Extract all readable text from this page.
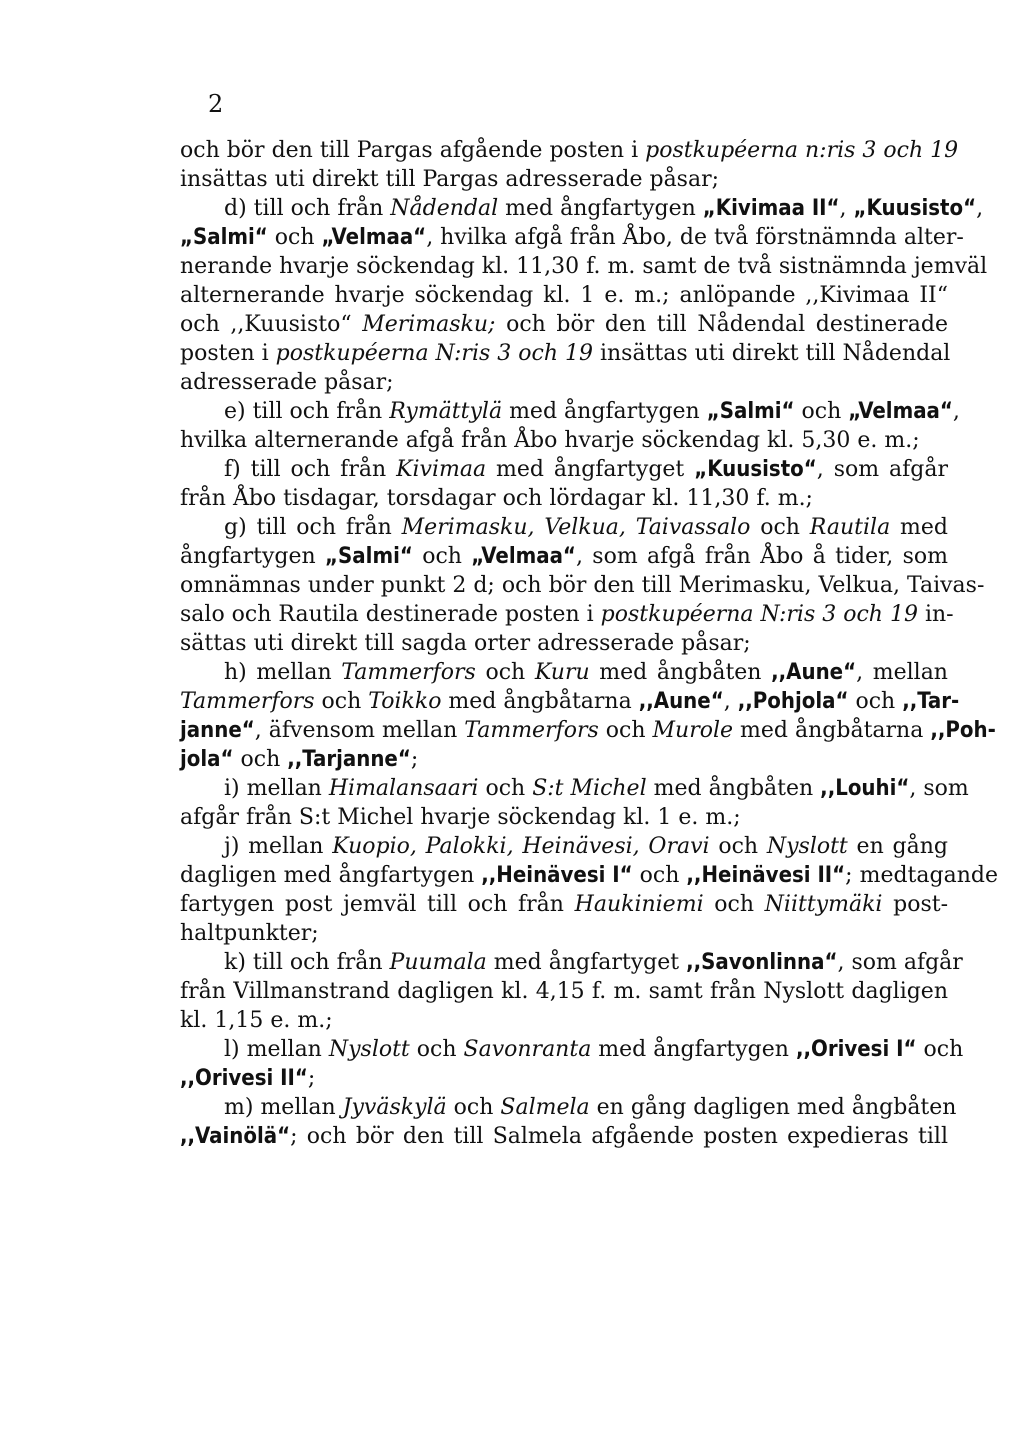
2
och bör den till Pargas afgående posten i postkupéerna n:ris 3 och 19
insättas uti direkt till Pargas adresserade påsar;
d) till och från Nådendal med ångfartygen „Kivimaa II“, „Kuusisto“,
„Salmi“ och „Velmaa“, hvilka afgå från Åbo, de två förstnämnda alter-
nerande hvarje söckendag kl. 11,30 f. m. samt de två sistnämnda jemväl
alternerande hvarje söckendag kl. 1 e. m.; anlöpande ,,Kivimaa II“
och ,,Kuusisto“ Merimasku; och bör den till Nådendal destinerade
posten i postkupéerna N:ris 3 och 19 insättas uti direkt till Nådendal
adresserade påsar;
e) till och från Rymättylä med ångfartygen „Salmi“ och „Velmaa“,
hvilka alternerande afgå från Åbo hvarje söckendag kl. 5,30 e. m.;
f) till och från Kivimaa med ångfartyget „Kuusisto“, som afgår
från Åbo tisdagar, torsdagar och lördagar kl. 11,30 f. m.;
g) till och från Merimasku, Velkua, Taivassalo och Rautila med
ångfartygen „Salmi“ och „Velmaa“, som afgå från Åbo å tider, som
omnämnas under punkt 2 d; och bör den till Merimasku, Velkua, Taivas-
salo och Rautila destinerade posten i postkupéerna N:ris 3 och 19 in-
sättas uti direkt till sagda orter adresserade påsar;
h) mellan Tammerfors och Kuru med ångbåten ,,Aune“, mellan
Tammerfors och Toikko med ångbåtarna ,,Aune“, ,,Pohjola“ och ,,Tar-
janne“, äfvensom mellan Tammerfors och Murole med ångbåtarna ,,Poh-
jola“ och ,,Tarjanne“;
i) mellan Himalansaari och S:t Michel med ångbåten ,,Louhi“, som
afgår från S:t Michel hvarje söckendag kl. 1 e. m.;
j) mellan Kuopio, Palokki, Heinävesi, Oravi och Nyslott en gång
dagligen med ångfartygen ,,Heinävesi I“ och ,,Heinävesi II“; medtagande
fartygen post jemväl till och från Haukiniemi och Niittymäki post-
haltpunkter;
k) till och från Puumala med ångfartyget ,,Savonlinna“, som afgår
från Villmanstrand dagligen kl. 4,15 f. m. samt från Nyslott dagligen
kl. 1,15 e. m.;
l) mellan Nyslott och Savonranta med ångfartygen ,,Orivesi I“ och
,,Orivesi II“;
m) mellan Jyväskylä och Salmela en gång dagligen med ångbåten
,,Vainölä“; och bör den till Salmela afgående posten expedieras till
